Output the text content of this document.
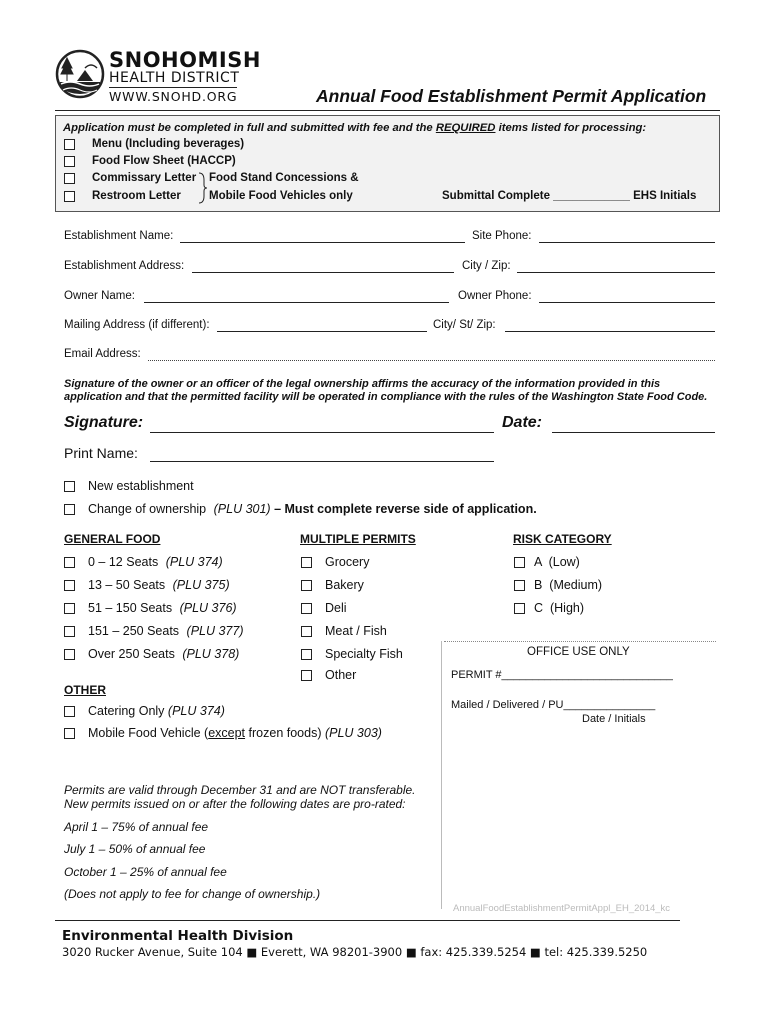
SNOHOMISH
HEALTH DISTRICT
WWW.SNOHD.ORG	Annual Food Establishment Permit Application
Application must be completed in full and submitted with fee and the REQUIRED items listed for processing:
Menu (Including beverages)
Food Flow Sheet (HACCP)
Commissary Letter
Restroom Letter
Food Stand Concessions &
Mobile Food Vehicles only	Submittal Complete ____________ EHS Initials
Establishment Name:	Site Phone:
Establishment Address:	City / Zip:
Owner Name:	Owner Phone:
Mailing Address (if different):	City/ St/ Zip:
Email Address:
Signature of the owner or an officer of the legal ownership affirms the accuracy of the information provided in this
application and that the permitted facility will be operated in compliance with the rules of the Washington State Food Code.
Signature:	Date:
Print Name:
New establishment
Change of ownership (PLU 301) – Must complete reverse side of application.
GENERAL FOOD	MULTIPLE PERMITS	RISK CATEGORY
0 – 12 Seats (PLU 374)
13 – 50 Seats (PLU 375)
51 – 150 Seats (PLU 376)
151 – 250 Seats (PLU 377)
Over 250 Seats (PLU 378)
Grocery
Bakery
Deli
Meat / Fish
Specialty Fish
Other
A  (Low)
B  (Medium)
C  (High)
OFFICE USE ONLY
PERMIT #____________________________
Mailed / Delivered / PU_______________
Date / Initials
OTHER
Catering Only (PLU 374)
Mobile Food Vehicle (except frozen foods) (PLU 303)
Permits are valid through December 31 and are NOT transferable.
New permits issued on or after the following dates are pro-rated:
April 1 – 75% of annual fee
July 1 – 50% of annual fee
October 1 – 25% of annual fee
(Does not apply to fee for change of ownership.)
AnnualFoodEstablishmentPermitAppl_EH_2014_kc
Environmental Health Division
3020 Rucker Avenue, Suite 104 ■ Everett, WA 98201-3900 ■ fax: 425.339.5254 ■ tel: 425.339.5250
